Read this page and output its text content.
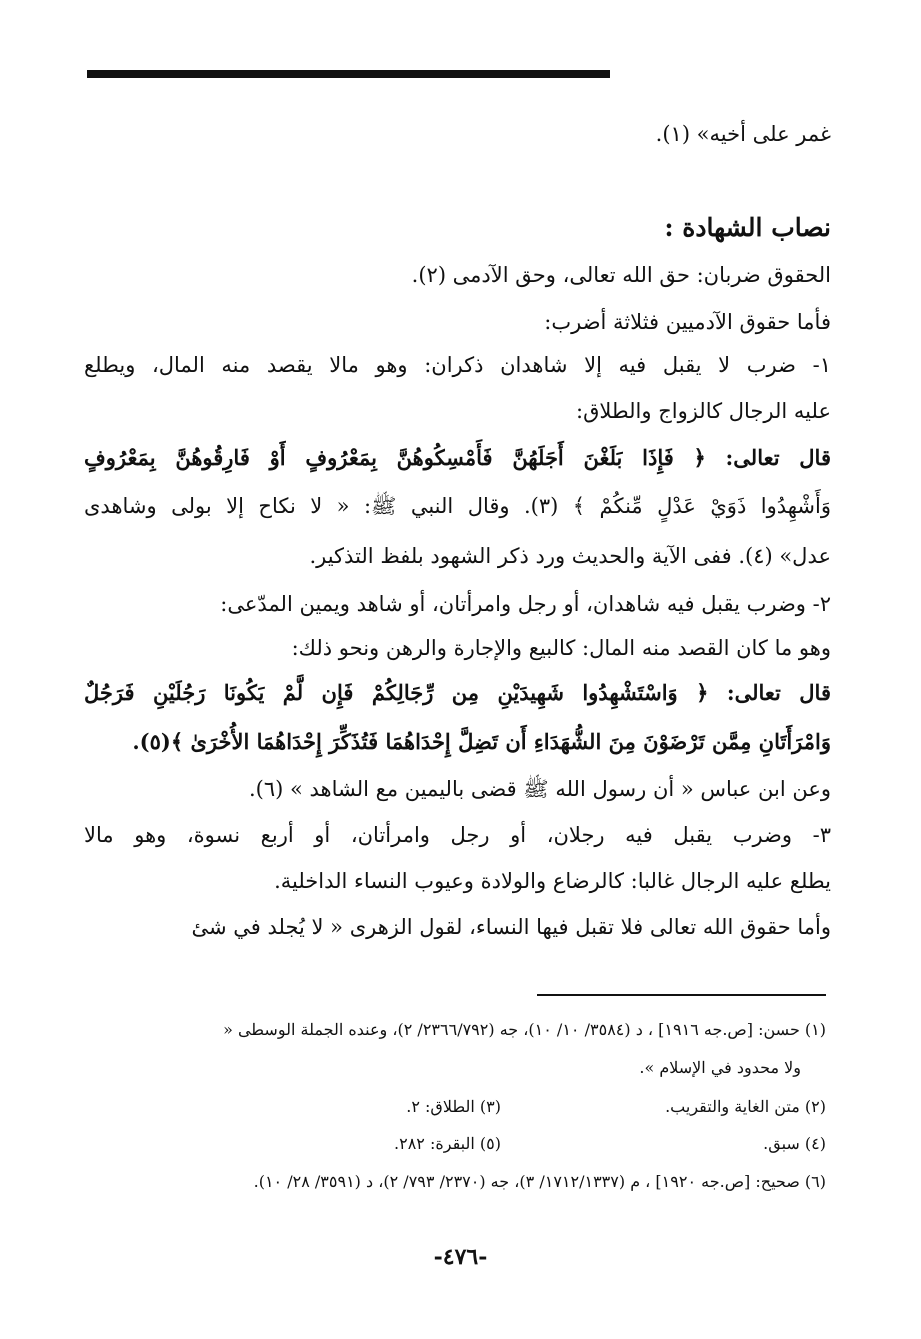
غمر على أخيه» (١).
نصاب الشهادة :
الحقوق ضربان: حق الله تعالى، وحق الآدمى (٢).
فأما حقوق الآدميين فثلاثة أضرب:
١- ضرب لا يقبل فيه إلا شاهدان ذكران: وهو مالا يقصد منه المال، ويطلع
عليه الرجال كالزواج والطلاق:
قال تعالى: ﴿ فَإِذَا بَلَغْنَ أَجَلَهُنَّ فَأَمْسِكُوهُنَّ بِمَعْرُوفٍ أَوْ فَارِقُوهُنَّ بِمَعْرُوفٍ
وَأَشْهِدُوا ذَوَيْ عَدْلٍ مِّنكُمْ ﴾ (٣). وقال النبي ﷺ: « لا نكاح إلا بولى وشاهدى
عدل» (٤). ففى الآية والحديث ورد ذكر الشهود بلفظ التذكير.
٢- وضرب يقبل فيه شاهدان، أو رجل وامرأتان، أو شاهد ويمين المدّعى:
وهو ما كان القصد منه المال: كالبيع والإجارة والرهن ونحو ذلك:
قال تعالى: ﴿ وَاسْتَشْهِدُوا شَهِيدَيْنِ مِن رِّجَالِكُمْ فَإِن لَّمْ يَكُونَا رَجُلَيْنِ فَرَجُلٌ
وَامْرَأَتَانِ مِمَّن تَرْضَوْنَ مِنَ الشُّهَدَاءِ أَن تَضِلَّ إِحْدَاهُمَا فَتُذَكِّرَ إِحْدَاهُمَا الأُخْرَىٰ ﴾(٥).
وعن ابن عباس « أن رسول الله ﷺ قضى باليمين مع الشاهد » (٦).
٣- وضرب يقبل فيه رجلان، أو رجل وامرأتان، أو أربع نسوة، وهو مالا
يطلع عليه الرجال غالبا: كالرضاع والولادة وعيوب النساء الداخلية.
وأما حقوق الله تعالى فلا تقبل فيها النساء، لقول الزهرى « لا يُجلد في شئ
(١) حسن: [ص.جه ١٩١٦] ، د (٣٥٨٤/ ١٠/ ١٠)، جه (٢٣٦٦/٧٩٢/ ٢)، وعنده الجملة الوسطى «
ولا محدود في الإسلام ».
(٢) متن الغاية والتقريب.
(٣) الطلاق: ٢.
(٤) سبق.
(٥) البقرة: ٢٨٢.
(٦) صحيح: [ص.جه ١٩٢٠] ، م (١٧١٢/١٣٣٧/ ٣)، جه (٢٣٧٠/ ٧٩٣/ ٢)، د (٣٥٩١/ ٢٨/ ١٠).
-٤٧٦-
